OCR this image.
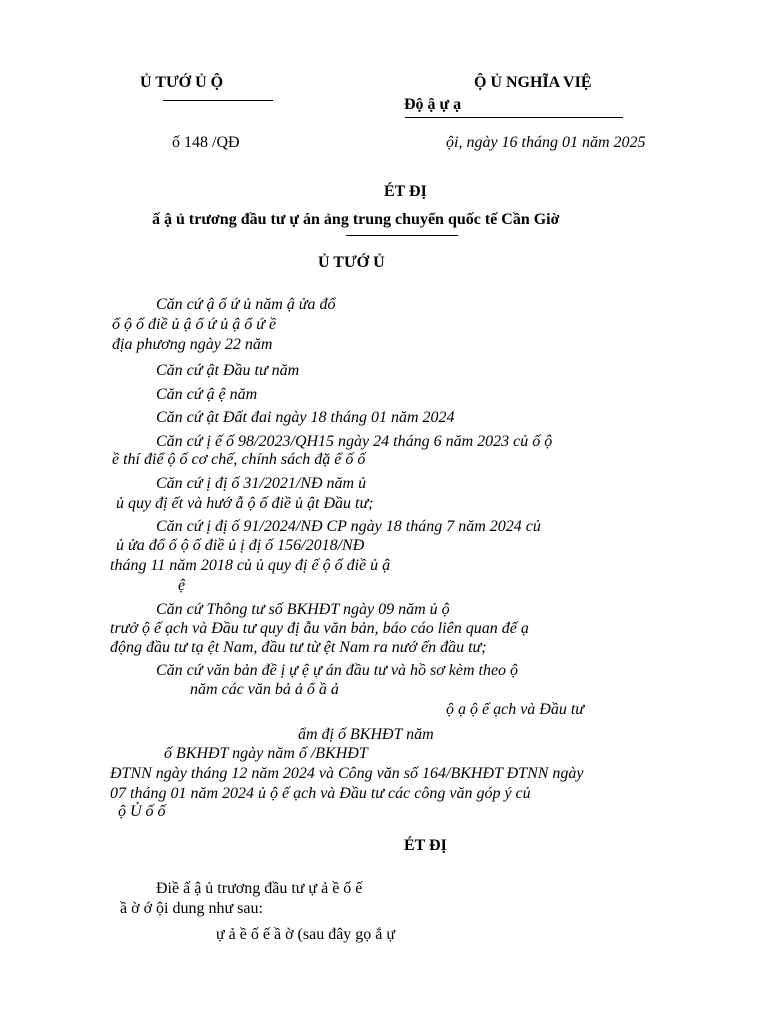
Ủ TƯỚ Ủ Ộ	Ộ Ủ NGHĨA VIỆ
Độ ậ ự ạ
ố 148 /QĐ	ội, ngày 16 tháng 01 năm 2025
ÉT ĐỊ
ấ ậ ủ trương đầu tư ự án ảng trung chuyển quốc tế Cần Giờ
Ủ TƯỚ Ủ
Căn cứ ậ ổ ứ ủ năm ậ ửa đổ
ổ ộ ố điề ủ ậ ổ ứ ủ ậ ổ ứ ề
địa phương ngày 22 năm
Căn cứ ật Đầu tư năm
Căn cứ ậ ệ năm
Căn cứ ật Đất đai ngày 18 tháng 01 năm 2024
Căn cứ ị ế ố 98/2023/QH15 ngày 24 tháng 6 năm 2023 củ ố ộ
ề thí điể ộ ố cơ chế, chính sách đặ ể ố ố
Căn cứ ị đị ố 31/2021/NĐ năm ủ
ủ quy đị ết và hướ ẫ ộ ố điề ủ ật Đầu tư;
Căn cứ ị đị ố 91/2024/NĐ CP ngày 18 tháng 7 năm 2024 củ
ủ ửa đổ ổ ộ ố điề ủ ị đị ố 156/2018/NĐ
tháng 11 năm 2018 củ ủ quy đị ế ộ ố điề ủ ậ
ệ
Căn cứ Thông tư số BKHĐT ngày 09 năm ủ ộ
trưở ộ ế ạch và Đầu tư quy đị ẫu văn bản, báo cáo liên quan đế ạ
động đầu tư tạ ệt Nam, đầu tư từ ệt Nam ra nướ ến đầu tư;
Căn cứ văn bản đề ị ự ệ ự án đầu tư và hồ sơ kèm theo ộ
năm các văn bả ả ổ ầ ả
ộ ạ ộ ế ạch và Đầu tư
ẩm đị ố BKHĐT năm
ố BKHĐT ngày năm ố /BKHĐT
ĐTNN ngày tháng 12 năm 2024 và Công văn số 164/BKHĐT ĐTNN ngày
07 tháng 01 năm 2024 ủ ộ ế ạch và Đầu tư các công văn góp ý củ
ộ Ủ ố ố
ÉT ĐỊ
Điề ấ ậ ủ trương đầu tư ự ả ề ố ế
ầ ờ ớ ội dung như sau:
ự ả ề ố ế ầ ờ (sau đây gọ ắ ự
